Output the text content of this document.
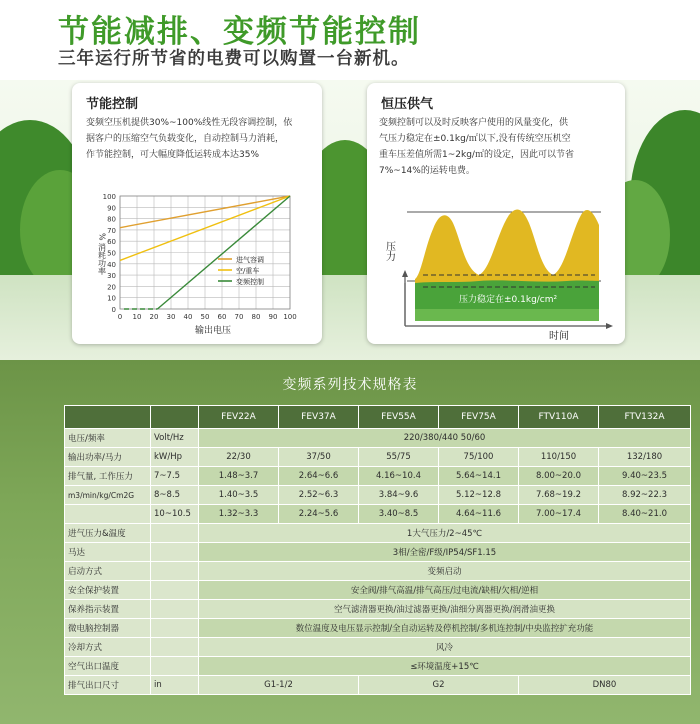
节能减排、变频节能控制
三年运行所节省的电费可以购置一台新机。
节能控制
变频空压机提供30%~100%线性无段容调控制，依
据客户的压缩空气负载变化，自动控制马力消耗，
作节能控制，可大幅度降低运转成本达35%
0
10
20
30
40
50
60
70
80
90
100
0 10 20 30 40 50 60 70 80 90 100
输出电压
% 消耗功率	进气容调
空/重车
变频控制
恒压供气
变频控制可以及时反映客户使用的风量变化，供
气压力稳定在±0.1kg/㎡以下,没有传统空压机空
重车压差值所需1~2kg/㎡的设定，因此可以节省
7%~14%的运转电费。
压力
压力稳定在±0.1kg/cm²
时间
变频系列技术规格表
		FEV22A	FEV37A	FEV55A	FEV75A	FTV110A	FTV132A
电压/频率	Volt/Hz	220/380/440 50/60					
输出功率/马力	kW/Hp	22/30	37/50	55/75	75/100	110/150	132/180
排气量, 工作压力	7~7.5	1.48~3.7	2.64~6.6	4.16~10.4	5.64~14.1	8.00~20.0	9.40~23.5
m3/min/kg/Cm2G	8~8.5	1.40~3.5	2.52~6.3	3.84~9.6	5.12~12.8	7.68~19.2	8.92~22.3
	10~10.5	1.32~3.3	2.24~5.6	3.40~8.5	4.64~11.6	7.00~17.4	8.40~21.0
进气压力&温度		1大气压力/2~45℃					
马达		3相/全密/F级/IP54/SF1.15					
启动方式		变频启动					
安全保护装置		安全阀/排气高温/排气高压/过电流/缺相/欠相/逆相					
保养指示装置		空气滤清器更换/油过滤器更换/油细分离器更换/润滑油更换					
微电脑控制器		数位温度及电压显示控制/全自动运转及停机控制/多机连控制/中央监控扩充功能					
冷却方式		风冷					
空气出口温度		≤环境温度+15℃					
排气出口尺寸	in	G1-1/2		G2		DN80	
